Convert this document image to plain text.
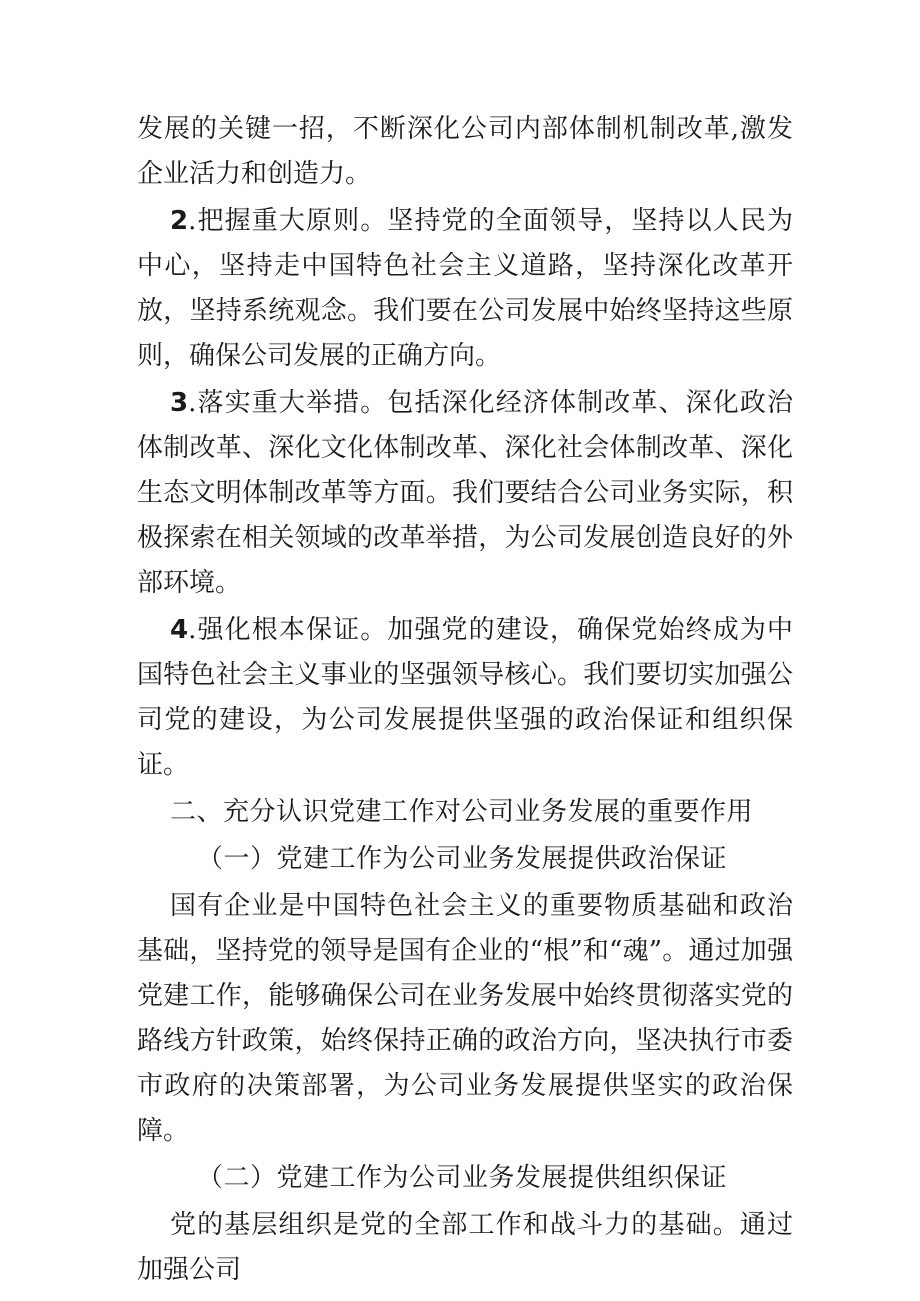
发展的关键一招，不断深化公司内部体制机制改革,激发企业活力和创造力。

2.把握重大原则。坚持党的全面领导，坚持以人民为中心，坚持走中国特色社会主义道路，坚持深化改革开放，坚持系统观念。我们要在公司发展中始终坚持这些原则，确保公司发展的正确方向。

3.落实重大举措。包括深化经济体制改革、深化政治体制改革、深化文化体制改革、深化社会体制改革、深化生态文明体制改革等方面。我们要结合公司业务实际，积极探索在相关领域的改革举措，为公司发展创造良好的外部环境。

4.强化根本保证。加强党的建设，确保党始终成为中国特色社会主义事业的坚强领导核心。我们要切实加强公司党的建设，为公司发展提供坚强的政治保证和组织保证。

二、充分认识党建工作对公司业务发展的重要作用

（一）党建工作为公司业务发展提供政治保证

国有企业是中国特色社会主义的重要物质基础和政治基础，坚持党的领导是国有企业的“根”和“魂”。通过加强党建工作，能够确保公司在业务发展中始终贯彻落实党的路线方针政策，始终保持正确的政治方向，坚决执行市委市政府的决策部署，为公司业务发展提供坚实的政治保障。

（二）党建工作为公司业务发展提供组织保证

党的基层组织是党的全部工作和战斗力的基础。通过加强公司
